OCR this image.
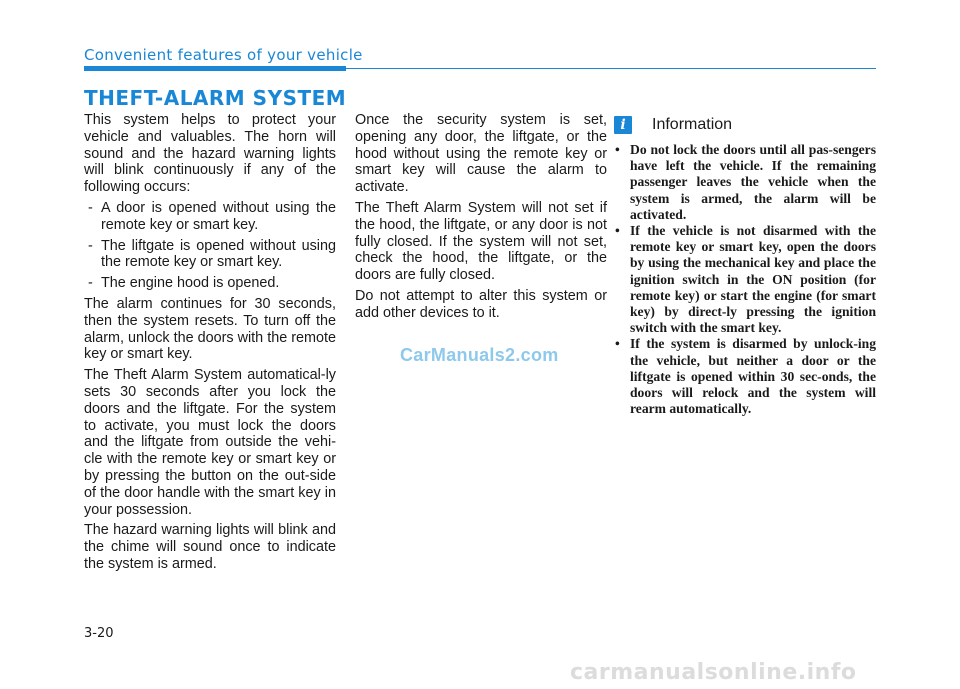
Convenient features of your vehicle
THEFT-ALARM SYSTEM

This system helps to protect your vehicle and valuables. The horn will sound and the hazard warning lights will blink continuously if any of the following occurs:

- A door is opened without using the remote key or smart key.
- The liftgate is opened without using the remote key or smart key.
- The engine hood is opened.

The alarm continues for 30 seconds, then the system resets. To turn off the alarm, unlock the doors with the remote key or smart key.

The Theft Alarm System automatical-ly sets 30 seconds after you lock the doors and the liftgate. For the system to activate, you must lock the doors and the liftgate from outside the vehi-cle with the remote key or smart key or by pressing the button on the out-side of the door handle with the smart key in your possession.

The hazard warning lights will blink and the chime will sound once to indicate the system is armed.

Once the security system is set, opening any door, the liftgate, or the hood without using the remote key or smart key will cause the alarm to activate.

The Theft Alarm System will not set if the hood, the liftgate, or any door is not fully closed. If the system will not set, check the hood, the liftgate, or the doors are fully closed.

Do not attempt to alter this system or add other devices to it.

i	Information
• Do not lock the doors until all pas-sengers have left the vehicle. If the remaining passenger leaves the vehicle when the system is armed, the alarm will be activated.
• If the vehicle is not disarmed with the remote key or smart key, open the doors by using the mechanical key and place the ignition switch in the ON position (for remote key) or start the engine (for smart key) by direct-ly pressing the ignition switch with the smart key.
• If the system is disarmed by unlock-ing the vehicle, but neither a door or the liftgate is opened within 30 sec-onds, the doors will relock and the system will rearm automatically.
CarManuals2.com
3-20
carmanualsonline.info
